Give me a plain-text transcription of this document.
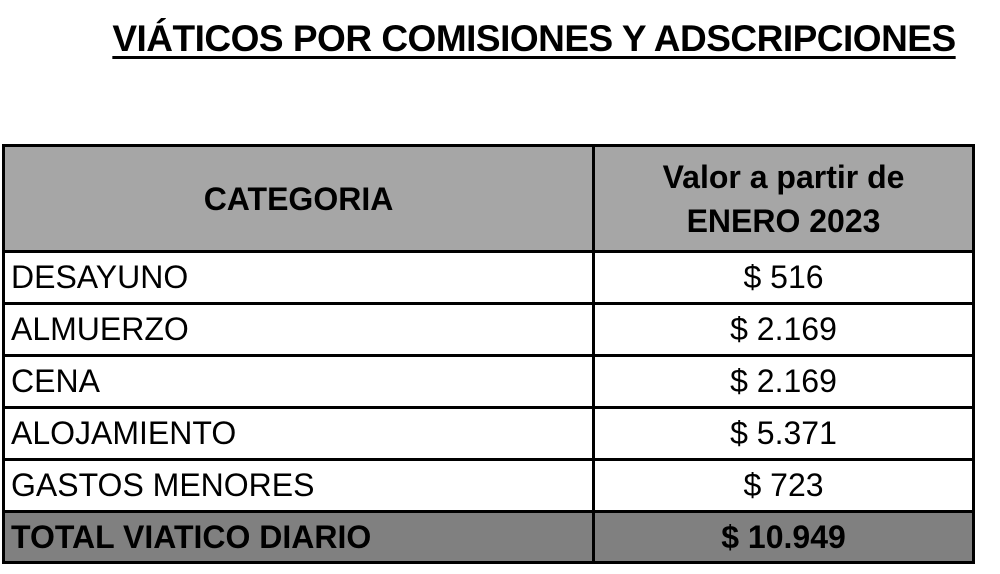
VIÁTICOS POR COMISIONES Y ADSCRIPCIONES
CATEGORIA	Valor a partir de
ENERO 2023

DESAYUNO	$ 516
ALMUERZO	$ 2.169
CENA	$ 2.169
ALOJAMIENTO	$ 5.371
GASTOS MENORES	$ 723
TOTAL VIATICO DIARIO	$ 10.949
